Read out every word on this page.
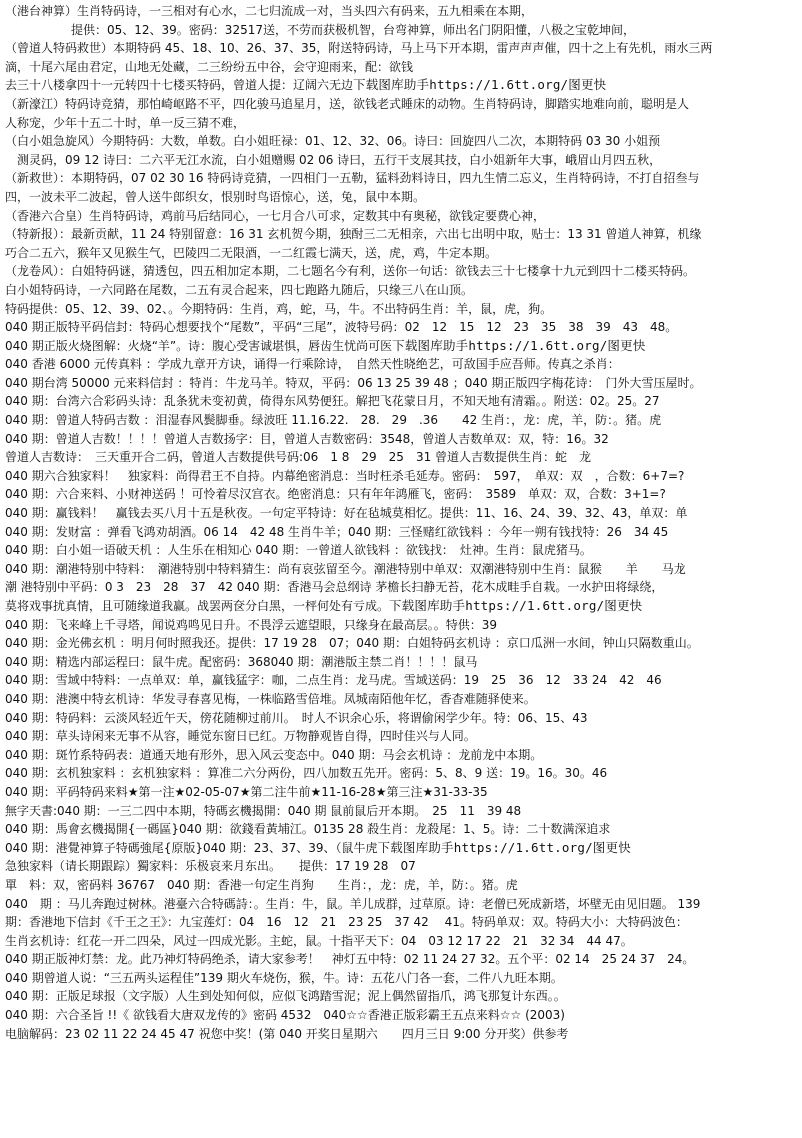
（港台神算）生肖特码诗，一三相对有心水，二七归流成一对，当头四六有码来，五九相乘在本期，
提供：05、12、39。密码：32517送，不劳而获极机智，台弯神算，师出名门阴阳懂，八极之宝乾坤间，
（曾道人特码救世）本期特码 45、18、10、26、37、35，附送特码诗，马上马下开本期，雷声声声催，四十之上有先机，雨水三两
滴，十尾六尾由君定，山地无处藏，二三纷纷五中谷，会守迎雨来，配：欲钱
去三十八楼拿四十一元转四十七楼买特码，曾道人提：辽阔六无边下载图库助手https://1.6tt.org/图更快
（新濠江）特码诗竞猜，那怕崎岖路不平，四化骏马追星月，送，欲钱老式睡床的动物。生肖特码诗，脚踏实地难向前，聪明是人
人称宠，少年十五二十时，单一反三猜不难，
（白小姐急旋风）今期特码：大数，单数。白小姐旺禄：01、12、32、06。诗曰：回旋四八二次，本期特码 03 30 小姐预
测灵码，09 12 诗曰：二六平无江水流，白小姐赠赐 02 06 诗曰，五行干支展其技，白小姐新年大事，峨眉山月四五秋，
（新救世）：本期特码，07 02 30 16 特码诗竞猜，一四相门一五勒，猛料劲料诗日，四九生情二忘义，生肖特码诗，不打自招叁与
四，一波未平二波起，曾人送牛郎织女，恨别时鸟语惊心，送，兔，鼠中本期。
（香港六合皇）生肖特码诗，鸡前马后结同心，一七月合八可求，定数其中有奥秘，欲钱定要费心神，
（特新报）：最新贡献，11 24 特别留意：16 31 玄机贺今期，独酎三二无相亲，六出七出明中取，贴士：13 31 曾道人神算，机缘
巧合二五六，猴年又见猴生气，巴陵四二无限酒，一二红霞七满天，送，虎，鸡，牛定本期。
（龙卷风）：白姐特码谜，猜透包，四五相加定本期，二七题名今有利，送你一句话：欲钱去三十七楼拿十九元到四十二楼买特码。
白小姐特码诗，一六同路在尾数，二五有灵合起来，四七跑路九随后，只缘三八在山顶。
特码提供：05、12、39、02、。今期特码：生肖，鸡，蛇，马，牛。不出特码生肖：羊，鼠，虎，狗。
040 期正版特平码信封：特码心想要找个“尾数”，平码“三尾”，波特号码：02　12　15　12　23　35　38　39　43　48。
040 期正版火烧图解：火烧“羊”。诗：腹心受害诚堪惧，唇齿生忧尚可医下载图库助手https://1.6tt.org/图更快
040 香港 6000 元传真料 ：学成九章开方诀，诵得一行乘除诗，　自然天性晓绝艺，可敌国手应吾师。传真之杀肖：
040 期台湾 50000 元来料信封 ：特肖：牛龙马羊。特双，平码：06 13 25 39 48 ；040 期正版四字梅花诗：　门外大雪压屋时。
040 期：台湾六合彩码头诗：乱条犹未变初黄，倚得东风势便狂。解把飞花蒙日月，不知天地有清霜。。附送：02。25。27
040 期：曾道人特码吉数 ：泪湿春风鬓脚垂。绿波旺 11.16.22.　28.　29　.36　　42 生肖：，龙：虎，羊，防：。猪。虎
040 期：曾道人吉数！！！！曾道人吉数扬字：目，曾道人吉数密码：3548，曾道人吉数单双：双，特：16。32
曾道人吉数诗：　三天重开合二码，曾道人吉数提供号码:06　1 8　29　25　31 曾道人吉数提供生肖：蛇　龙
040 期六合独家料！　独家料：尚得君王不自持。内幕绝密消息：当时枉杀毛延寿。密码：　597，　单双：双　，合数：6+7=?
040 期：六合来料、小财神送码 ！可怜着尽汉宫衣。绝密消息：只有年年鸿雁飞，密码：　3589　单双：双，合数：3+1=?
040 期：赢钱料！　赢钱去买八月十五是秋夜。一句定平特诗：好在毡城莫相忆。提供：11、16、24、39、32、43，单双：单
040 期：发财富 ：弹看飞鸿劝胡酒。06 14　42 48 生肖牛羊；040 期：三怪赌红欲钱料 ：今年一朔有钱找特：26　34 45
040 期：白小姐一语破天机 ：人生乐在相知心 040 期：一曾道人欲钱料 ：欲钱找：　灶神。生肖：鼠虎猪马。
040 期：潮港特别中特料：　潮港特别中特料猜生：尚有哀弦留至今。潮港特别中单双：双潮港特别中生肖：鼠猴　　羊　　马龙
潮 港特别中平码：0 3　23　28　37　42 040 期：香港马会总纲诗 茅檐长扫静无苔，花木成畦手自栽。一水护田将绿绕，
莫将戏事扰真情，且可随缘道我赢。战罢两奁分白黑，一枰何处有亏成。下载图库助手https://1.6tt.org/图更快
040 期：飞来峰上千寻塔，闻说鸡鸣见日升。不畏浮云遮望眼，只缘身在最高层。。特供：39
040 期：金光佛玄机 ：明月何时照我还。提供：17 19 28　07；040 期：白姐特码玄机诗 ：京口瓜洲一水间，钟山只隔数重山。
040 期：精选内部运程曰：鼠牛虎。配密码：368040 期：潮港版主禁二肖！！！！鼠马
040 期：雪域中特料：一点单双：单，赢钱猛字：咖，二点生肖：龙马虎。雪域送码：19　25　36　12　33 24　42　46
040 期：港澳中特玄机诗：华发寻春喜见梅，一株临路雪倍堆。凤城南陌他年忆，香杳难随驿使来。
040 期：特码料：云淡风轻近午天，傍花随柳过前川。　时人不识余心乐，将谓偷闲学少年。特：06、15、43
040 期：草头诗闲来无事不从容，睡觉东窗日已红。万物静观皆自得，四时佳兴与人同。
040 期：斑竹系特码表：道通天地有形外，思入风云变态中。040 期：马会玄机诗 ：龙前龙中本期。
040 期：玄机独家料 ：玄机独家料 ：算准二六分两份，四八加数五先开。密码：5、8、9 送：19。16。30。46
040 期：平码特码来料★第一注★02-05-07★第二注牛前★11-16-28★第三注★31-33-35
無字天書:040 期：一三二四中本期，特碼玄機揭開：040 期 鼠前鼠后开本期。　25　11　39 48
040 期：馬會玄機揭開{一碼區}040 期：欲錢看黃埔江。0135 28 殺生肖：龙殺尾：1、5。诗：二十数满深追求
040 期：港覺神算子特碼強尾{原版}040 期：23、37、39、（鼠牛虎下载图库助手https://1.6tt.org/图更快
急独家料（请长期跟踪）獨家料：乐极哀来月东出。　　提供：17 19 28　07
單　料：双，密码料 36767　040 期：香港一句定生肖狗　　生肖：，龙：虎，羊，防：。猪。虎
040　期 ：马儿奔跑过树林。港臺六合特碼詩：。生肖：牛，鼠。羊儿成群，过草原。诗：老僧已死成新塔，坏壁无由见旧题。 139
期：香港地下信封《千王之王》：九宝莲灯：04　16　12　21　23 25　37 42　 41。特码单双：双。特码大小：大特码波色：
生肖玄机诗：红花一开二四朵，风过一四成光影。主蛇，鼠。十指平天下：04　03 12 17 22　21　32 34　44 47。
040 期正版神灯禁：龙。此乃神灯特码绝杀，请大家参考！　神灯五中特：02 11 24 27 32。五个平：02 14　25 24 37　24。
040 期曾道人说：“三五两头运程佳”139 期火车烧伤，猴，牛。诗：五花八门各一套，二件八九旺本期。
040 期：正版足球报（文字版）人生到处知何似，应似飞鸿踏雪泥；泥上偶然留指爪，鸿飞那复计东西。。
040 期：六合圣旨 !!《 欲钱看大唐双龙传的》密码 4532　040☆☆香港正版彩霸王五点来料☆☆ (2003)
电脑解码：23 02 11 22 24 45 47 祝您中奖！(第 040 开奖日星期六　　四月三日 9:00 分开奖）供参考
